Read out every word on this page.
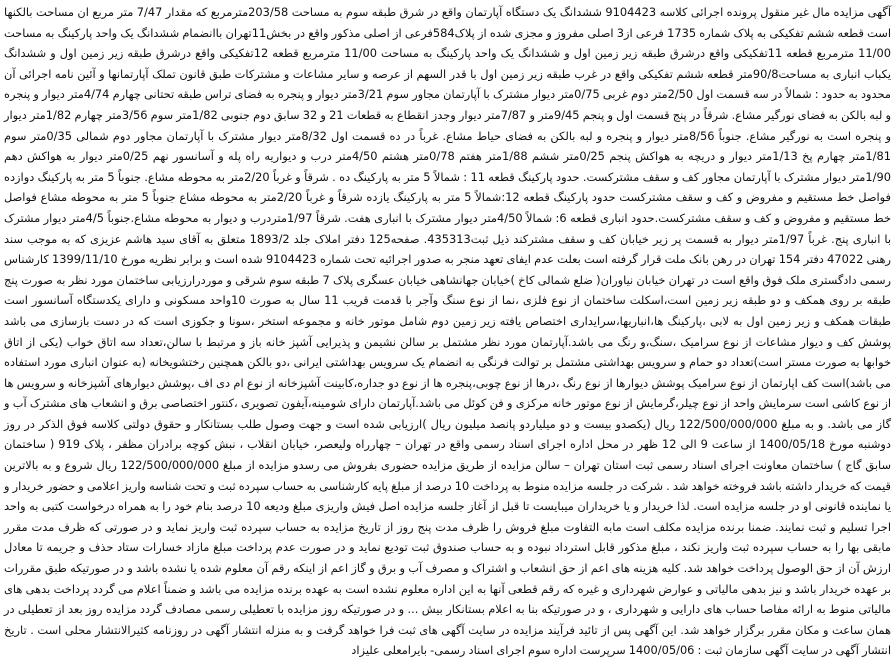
آگهی مزایده مال غیر منقول پرونده اجرائی کلاسه 9104423 ششدانگ یک دستگاه آپارتمان واقع در شرق طبقه سوم به مساحت 203/58مترمربع که مقدار 7/47 متر مربع ان مساحت بالکنها است قطعه ششم تفکیکی به پلاک شماره 1735 فرعی از3 اصلی مفروز و مجزی شده از پلاک584فرعی از اصلی مذکور واقع در بخش11تهران باانضمام ششدانگ یک واحد پارکینگ به مساحت 11/00 مترمربع قطعه 11تفکیکی واقع درشرق طبقه زیر زمین اول و ششدانگ یک واحد پارکینگ به مساحت 11/00 مترمربع قطعه 12تفکیکی واقع درشرق طبقه زیر زمین اول و ششدانگ یکباب انباری به مساحت90/8متر قطعه ششم تفکیکی واقع در غرب طبقه زیر زمین اول با قدر السهم از عرصه و سایر مشاعات و مشترکات طبق قانون تملک آپارتمانها و آئین نامه اجرائی آن محدود به حدود : شمالاً در سه قسمت اول 2/50متر دوم غربی 0/75متر دیوار مشترک با آپارتمان مجاور سوم 3/21متر دیوار و پنجره به فضای تراس طبقه تحتانی چهارم 4/74متر دیوار و پنجره و لبه بالکن به فضای نورگیر مشاع. شرقاً در پنج قسمت اول و پنجم 9/45متر و 7/87متر دیوار وجدز انقطاع به قطعات 21 و 32 سابق دوم جنوبی 1/82متر سوم 3/56متر چهارم 1/82متر دیوار و پنجره است به نورگیر مشاع. جنوباً 8/56متر دیوار و پنجره و لبه بالکن به فضای حیاط مشاع. غرباً در ده قسمت اول 8/32متر دیوار مشترک با آپارتمان مجاور دوم شمالی 0/35متر سوم 1/81متر چهارم پخ 1/13متر دیوار و دریچه به هواکش پنجم 0/25متر ششم 1/88متر هفتم 0/78متر هشتم 4/50متر درب و دیواریه راه پله و آسانسور نهم 0/25متر دیوار به هواکش دهم 1/90متر دیوار مشترک با آپارتمان مجاور کف و سقف مشترکست. حدود پارکینگ قطعه 11 : شمالاً 5 متر به پارکینگ ده . شرقاً و غرباً 2/20متر به محوطه مشاع. جنوباً 5 متر به پارکینگ دوازده فواصل خط مستقیم و مفروض و کف و سقف مشترکست حدود پارکینگ قطعه 12:شمالاً 5 متر به پارکینگ یازده شرقاً و غرباً 2/20متر به محوطه مشاع جنوباً 5 متر به محوطه مشاع فواصل خط مستقیم و مفروض و کف و سقف مشترکست.حدود انباری قطعه 6: شمالاً 4/50متر دیوار مشترک با انباری هفت. شرقاً 1/97متردرب و دیوار به محوطه مشاع.جنوباً 4/5متر دیوار مشترک با انباری پنج. غرباً 1/97متر دیوار به قسمت پر زیر خیابان کف و سقف مشترکند ذیل ثبت435313. صفحه125 دفتر املاک جلد 1893/2 متعلق به آقای سید هاشم عزیزی که به موجب سند رهنی 47022 دفتر 154 تهران در رهن بانک ملت قرار گرفته است بعلت عدم ایفای تعهد منجر به صدور اجرائیه تحت شماره 9104423 شده است و برابر نظریه مورخ 1399/11/10 کارشناس رسمی دادگستری ملک فوق واقع است در تهران خیابان نیاوران( ضلع شمالی کاخ )خیابان جهانشاهی خیابان عسگری پلاک 7 طبقه سوم شرقی و موردرارزیابی ساختمان مورد نظر به صورت پنج طبقه بر روی همکف و دو طبقه زیر زمین است،اسکلت ساختمان از نوع فلزی ،نما از نوع سنگ وآجر با قدمت قریب 11 سال به صورت 10واحد مسکونی و دارای یکدستگاه آسانسور است طبقات همکف و زیر زمین اول به لابی ،پارکینگ ها،انباریها،سرایداری اختصاص یافته زیر زمین دوم شامل موتور خانه و مجموعه استخر ،سونا و جکوزی است که در دست بازسازی می باشد پوشش کف و دیوار مشاعات از نوع سرامیک ،سنگ،و رنگ می باشد.آپارتمان مورد نظر مشتمل بر سالن نشیمن و پذیرایی آشپز خانه باز و مرتبط با سالن،تعداد سه اتاق خواب (یکی از اتاق خوابها به صورت مستر است)تعداد دو حمام و سرویس بهداشتی مشتمل بر توالت فرنگی به انضمام یک سرویس بهداشتی ایرانی ،دو بالکن همچنین رختشویخانه (به عنوان انباری مورد استفاده می باشد)است کف اپارتمان از نوع سرامیک پوشش دیوارها از نوع رنگ ،درها از نوع چوبی،پنجره ها از نوع دو جداره،کابینت آشپزخانه از نوع ام دی اف ،پوشش دیوارهای آشپزخانه و سرویس ها از نوع کاشی است سرمایش واحد از نوع چیلر،گرمایش از نوع موتور خانه مرکزی و فن کوئل می باشد.آپارتمان دارای شومینه،آیفون تصویری ،کنتور اختصاصی برق و انشعاب های مشترک آب و گاز می باشد. و به مبلغ 122/500/000/000 ریال (یکصدو بیست و دو میلیاردو پانصد میلیون ریال )ارزیابی شده است و جهت وصول طلب بستانکار و حقوق دولتی کلاسه فوق الذکر در روز دوشنبه مورخ 1400/05/18 از ساعت 9 الی 12 ظهر در محل اداره اجرای اسناد رسمی واقع در تهران – چهارراه ولیعصر، خیابان انقلاب ، نبش کوچه برادران مظفر ، پلاک 919 ( ساختمان سابق گاج ) ساختمان معاونت اجرای اسناد رسمی ثبت استان تهران – سالن مزایده از طریق مزایده حضوری بفروش می رسدو مزایده از مبلغ 122/500/000/000 ریال شروع و به بالاترین قیمت که خریدار داشته باشد فروخته خواهد شد . شرکت در جلسه مزایده منوط به پرداخت 10 درصد از مبلغ پایه کارشناسی به حساب سپرده ثبت و تحت شناسه واریز اعلامی و حضور خریدار و یا نماینده قانونی او در جلسه مزایده است. لذا خریدار و یا خریداران میبایست تا قبل از آغاز جلسه مزایده اصل فیش واریزی مبلغ ودیعه 10 درصد بنام خود را به همراه درخواست کتبی به واحد اجرا تسلیم و ثبت نمایند. ضمنا برنده مزایده مکلف است مابه التفاوت مبلغ فروش را ظرف مدت پنج روز از تاریخ مزایده به حساب سپرده ثبت واریز نماید و در صورتی که ظرف مدت مقرر مابقی بها را به حساب سپرده ثبت واریز نکند ، مبلغ مذکور قابل استرداد نبوده و به حساب صندوق ثبت تودیع نماید و در صورت عدم پرداخت مبلغ مازاد خسارات ستاد حذف و جریمه تا معادل ارزش آن از حق الوصول پرداخت خواهد شد. کلیه هزینه های اعم از حق انشعاب و اشتراک و مصرف آب و برق و گاز اعم از اینکه رقم آن معلوم شده یا نشده باشد و در صورتیکه طبق مقررات بر عهده خریدار باشد و نیز بدهی مالیاتی و عوارض شهرداری و غیره که رقم قطعی آنها به این اداره معلوم نشده است به عهده برنده مزایده می باشد و ضمناً اعلام می گردد پرداخت بدهی های مالیاتی منوط به ارائه مفاصا حساب های دارایی و شهرداری ، و در صورتیکه بنا به اعلام بستانکار بیش ... و در صورتیکه روز مزایده با تعطیلی رسمی مصادف گردد مزایده روز بعد از تعطیلی در همان ساعت و مکان مقرر برگزار خواهد شد. این آگهی پس از تائید فرآیند مزایده در سایت آگهی های ثبت فرا خواهد گرفت و به منزله انتشار آگهی در روزنامه کثیرالانتشار محلی است . تاریخ انتشار آگهی در سایت آگهی سازمان ثبت : 1400/05/06 سرپرست اداره سوم اجرای اسناد رسمی- بایرامعلی علیزاد
